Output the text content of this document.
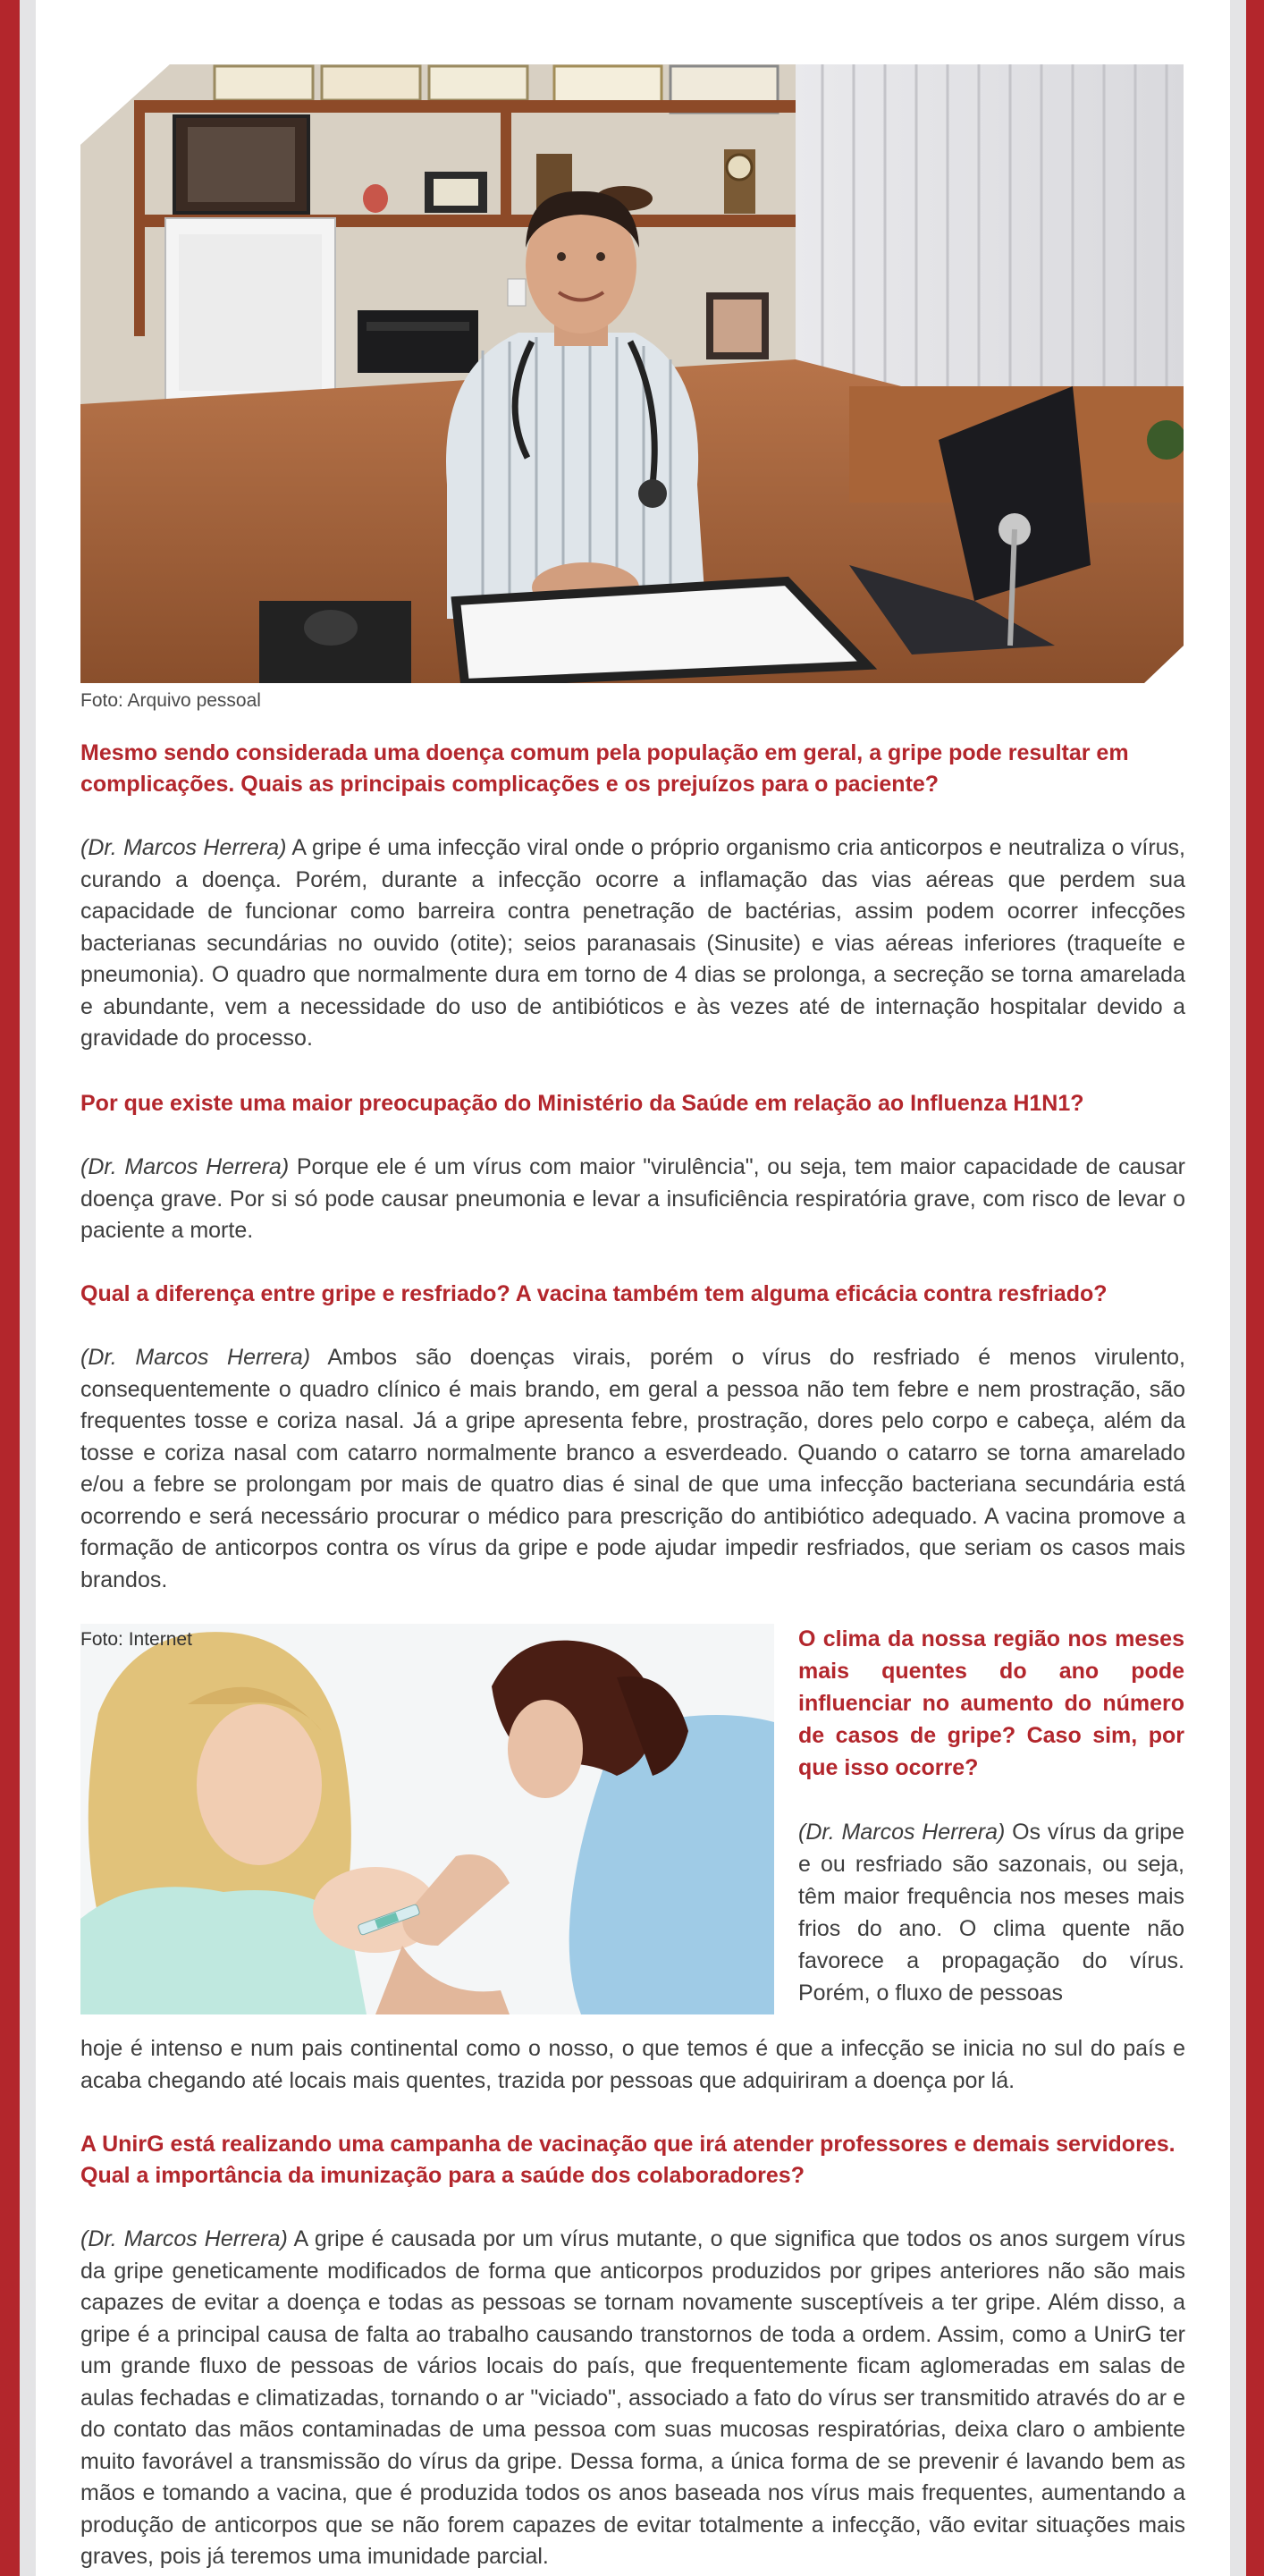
Foto: Arquivo pessoal

Mesmo sendo considerada uma doença comum pela população em geral, a gripe pode resultar em complicações. Quais as principais complicações e os prejuízos para o paciente?

(Dr. Marcos Herrera) A gripe é uma infecção viral onde o próprio organismo cria anticorpos e neutraliza o vírus, curando a doença. Porém, durante a infecção ocorre a inflamação das vias aéreas que perdem sua capacidade de funcionar como barreira contra penetração de bactérias, assim podem ocorrer infecções bacterianas secundárias no ouvido (otite); seios paranasais (Sinusite) e vias aéreas inferiores (traqueíte e pneumonia). O quadro que normalmente dura em torno de 4 dias se prolonga, a secreção se torna amarelada e abundante, vem a necessidade do uso de antibióticos e às vezes até de internação hospitalar devido a gravidade do processo.

Por que existe uma maior preocupação do Ministério da Saúde em relação ao Influenza H1N1?

(Dr. Marcos Herrera) Porque ele é um vírus com maior "virulência", ou seja, tem maior capacidade de causar doença grave. Por si só pode causar pneumonia e levar a insuficiência respiratória grave, com risco de levar o paciente a morte.

Qual a diferença entre gripe e resfriado? A vacina também tem alguma eficácia contra resfriado?

(Dr. Marcos Herrera) Ambos são doenças virais, porém o vírus do resfriado é menos virulento, consequentemente o quadro clínico é mais brando, em geral a pessoa não tem febre e nem prostração, são frequentes tosse e coriza nasal. Já a gripe apresenta febre, prostração, dores pelo corpo e cabeça, além da tosse e coriza nasal com catarro normalmente branco a esverdeado. Quando o catarro se torna amarelado e/ou a febre se prolongam por mais de quatro dias é sinal de que uma infecção bacteriana secundária está ocorrendo e será necessário procurar o médico para prescrição do antibiótico adequado. A vacina promove a formação de anticorpos contra os vírus da gripe e pode ajudar impedir resfriados, que seriam os casos mais brandos.

Foto: Internet	O clima da nossa região nos meses mais quentes do ano pode influenciar no aumento do número de casos de gripe? Caso sim, por que isso ocorre?

(Dr. Marcos Herrera) Os vírus da gripe e ou resfriado são sazonais, ou seja, têm maior frequência nos meses mais frios do ano. O clima quente não favorece a propagação do vírus. Porém, o fluxo de pessoas

hoje é intenso e num pais continental como o nosso, o que temos é que a infecção se inicia no sul do país e acaba chegando até locais mais quentes, trazida por pessoas que adquiriram a doença por lá.

A UnirG está realizando uma campanha de vacinação que irá atender professores e demais servidores. Qual a importância da imunização para a saúde dos colaboradores?

(Dr. Marcos Herrera) A gripe é causada por um vírus mutante, o que significa que todos os anos surgem vírus da gripe geneticamente modificados de forma que anticorpos produzidos por gripes anteriores não são mais capazes de evitar a doença e todas as pessoas se tornam novamente susceptíveis a ter gripe. Além disso, a gripe é a principal causa de falta ao trabalho causando transtornos de toda a ordem. Assim, como a UnirG ter um grande fluxo de pessoas de vários locais do país, que frequentemente ficam aglomeradas em salas de aulas fechadas e climatizadas, tornando o ar "viciado", associado a fato do vírus ser transmitido através do ar e do contato das mãos contaminadas de uma pessoa com suas mucosas respiratórias, deixa claro o ambiente muito favorável a transmissão do vírus da gripe. Dessa forma, a única forma de se prevenir é lavando bem as mãos e tomando a vacina, que é produzida todos os anos baseada nos vírus mais frequentes, aumentando a produção de anticorpos que se não forem capazes de evitar totalmente a infecção, vão evitar situações mais graves, pois já teremos uma imunidade parcial.
